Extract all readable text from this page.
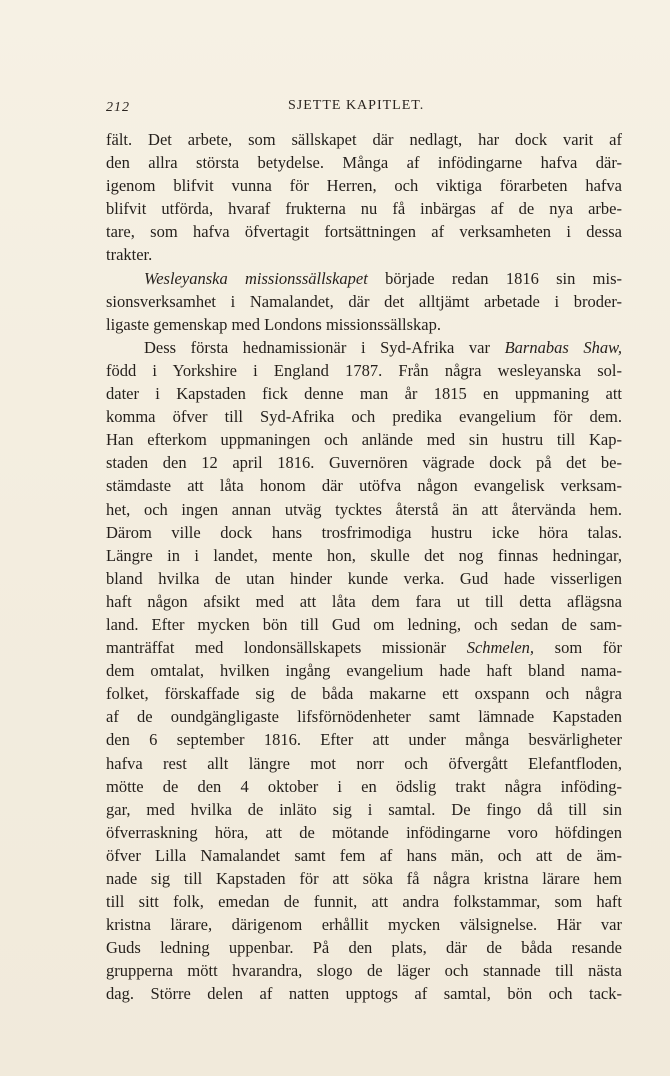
212	SJETTE KAPITLET.
fält. Det arbete, som sällskapet där nedlagt, har dock varit af
den allra största betydelse. Många af infödingarne hafva där-
igenom blifvit vunna för Herren, och viktiga förarbeten hafva
blifvit utförda, hvaraf frukterna nu få inbärgas af de nya arbe-
tare, som hafva öfvertagit fortsättningen af verksamheten i dessa
trakter.
Wesleyanska missionssällskapet började redan 1816 sin mis-
sionsverksamhet i Namalandet, där det alltjämt arbetade i broder-
ligaste gemenskap med Londons missionssällskap.
Dess första hednamissionär i Syd-Afrika var Barnabas Shaw,
född i Yorkshire i England 1787. Från några wesleyanska sol-
dater i Kapstaden fick denne man år 1815 en uppmaning att
komma öfver till Syd-Afrika och predika evangelium för dem.
Han efterkom uppmaningen och anlände med sin hustru till Kap-
staden den 12 april 1816. Guvernören vägrade dock på det be-
stämdaste att låta honom där utöfva någon evangelisk verksam-
het, och ingen annan utväg tycktes återstå än att återvända hem.
Därom ville dock hans trosfrimodiga hustru icke höra talas.
Längre in i landet, mente hon, skulle det nog finnas hedningar,
bland hvilka de utan hinder kunde verka. Gud hade visserligen
haft någon afsikt med att låta dem fara ut till detta aflägsna
land. Efter mycken bön till Gud om ledning, och sedan de sam-
manträffat med londonsällskapets missionär Schmelen, som för
dem omtalat, hvilken ingång evangelium hade haft bland nama-
folket, förskaffade sig de båda makarne ett oxspann och några
af de oundgängligaste lifsförnödenheter samt lämnade Kapstaden
den 6 september 1816. Efter att under många besvärligheter
hafva rest allt längre mot norr och öfvergått Elefantfloden,
mötte de den 4 oktober i en ödslig trakt några inföding-
gar, med hvilka de inläto sig i samtal. De fingo då till sin
öfverraskning höra, att de mötande infödingarne voro höfdingen
öfver Lilla Namalandet samt fem af hans män, och att de äm-
nade sig till Kapstaden för att söka få några kristna lärare hem
till sitt folk, emedan de funnit, att andra folkstammar, som haft
kristna lärare, därigenom erhållit mycken välsignelse. Här var
Guds ledning uppenbar. På den plats, där de båda resande
grupperna mött hvarandra, slogo de läger och stannade till nästa
dag. Större delen af natten upptogs af samtal, bön och tack-
